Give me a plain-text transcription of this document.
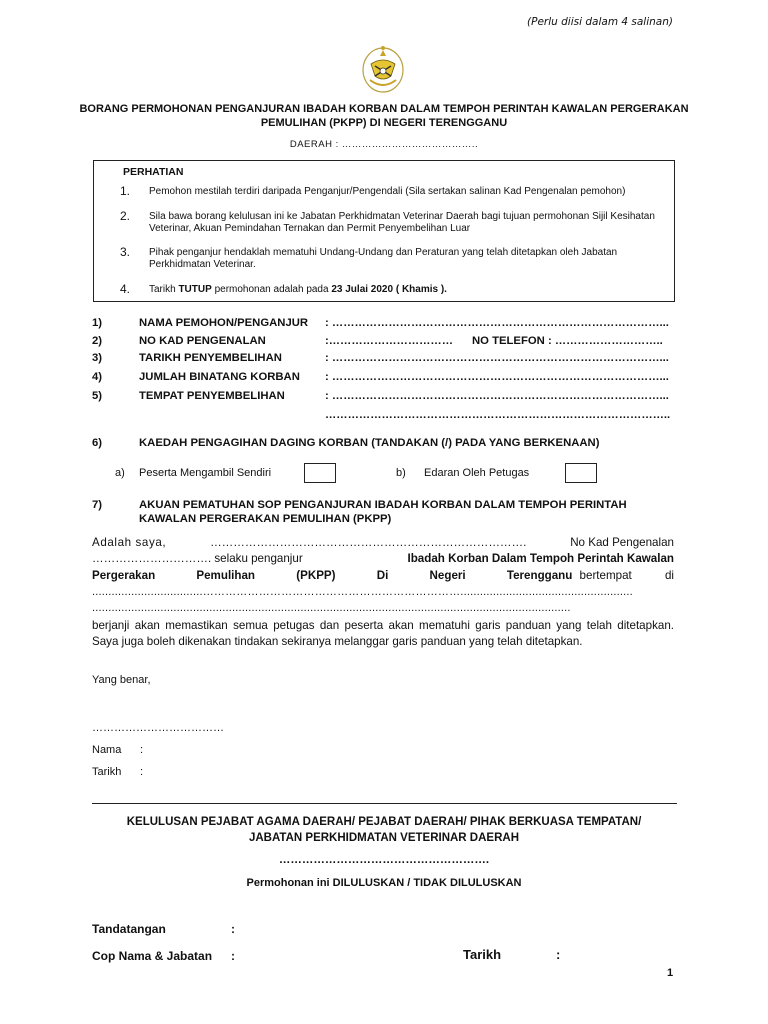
(Perlu diisi dalam 4 salinan)
BORANG PERMOHONAN PENGANJURAN IBADAH KORBAN DALAM TEMPOH PERINTAH KAWALAN PERGERAKAN
PEMULIHAN (PKPP) DI NEGERI TERENGGANU
DAERAH : …………………………………..
PERHATIAN
1. Pemohon mestilah terdiri daripada Penganjur/Pengendali (Sila sertakan salinan Kad Pengenalan pemohon)
2. Sila bawa borang kelulusan ini ke Jabatan Perkhidmatan Veterinar Daerah bagi tujuan permohonan Sijil Kesihatan Veterinar, Akuan Pemindahan Ternakan dan Permit Penyembelihan Luar
3. Pihak penganjur hendaklah mematuhi Undang-Undang dan Peraturan yang telah ditetapkan oleh Jabatan Perkhidmatan Veterinar.
4. Tarikh TUTUP permohonan adalah pada 23 Julai 2020 ( Khamis ).
1)	NAMA PEMOHON/PENGANJUR : ……………………………………………………………………………...
2)	NO KAD PENGENALAN	:…………………………… NO TELEFON : ………………………..
3)	TARIKH PENYEMBELIHAN	: ……………………………………………………………………………...
4)	JUMLAH BINATANG KORBAN : ……………………………………………………………………………...
5)	TEMPAT PENYEMBELIHAN	: ……………………………………………………………………………...
………………………………………………………………………………..
6)	KAEDAH PENGAGIHAN DAGING KORBAN (TANDAKAN (/) PADA YANG BERKENAAN)
a) Peserta Mengambil Sendiri	b) Edaran Oleh Petugas
7)	AKUAN PEMATUHAN SOP PENGANJURAN IBADAH KORBAN DALAM TEMPOH PERINTAH
KAWALAN PERGERAKAN PEMULIHAN (PKPP)
Adalah saya,	……………………………………………………………………….	No Kad Pengenalan
…………………………. selaku penganjur	Ibadah Korban Dalam Tempoh Perintah Kawalan
Pergerakan Pemulihan (PKPP) Di Negeri Terengganu bertempat di
..................................…………………………………………………………….....................................................
...................................................................................................................................................
berjanji akan memastikan semua petugas dan peserta akan mematuhi garis panduan yang telah ditetapkan. Saya juga boleh dikenakan tindakan sekiranya melanggar garis panduan yang telah ditetapkan.
Yang benar,
………………………………
Nama :
Tarikh :
KELULUSAN PEJABAT AGAMA DAERAH/ PEJABAT DAERAH/ PIHAK BERKUASA TEMPATAN/
JABATAN PERKHIDMATAN VETERINAR DAERAH
……………………………………………….
Permohonan ini DILULUSKAN / TIDAK DILULUSKAN
Tandatangan	:
Cop Nama & Jabatan :	Tarikh	:
1
